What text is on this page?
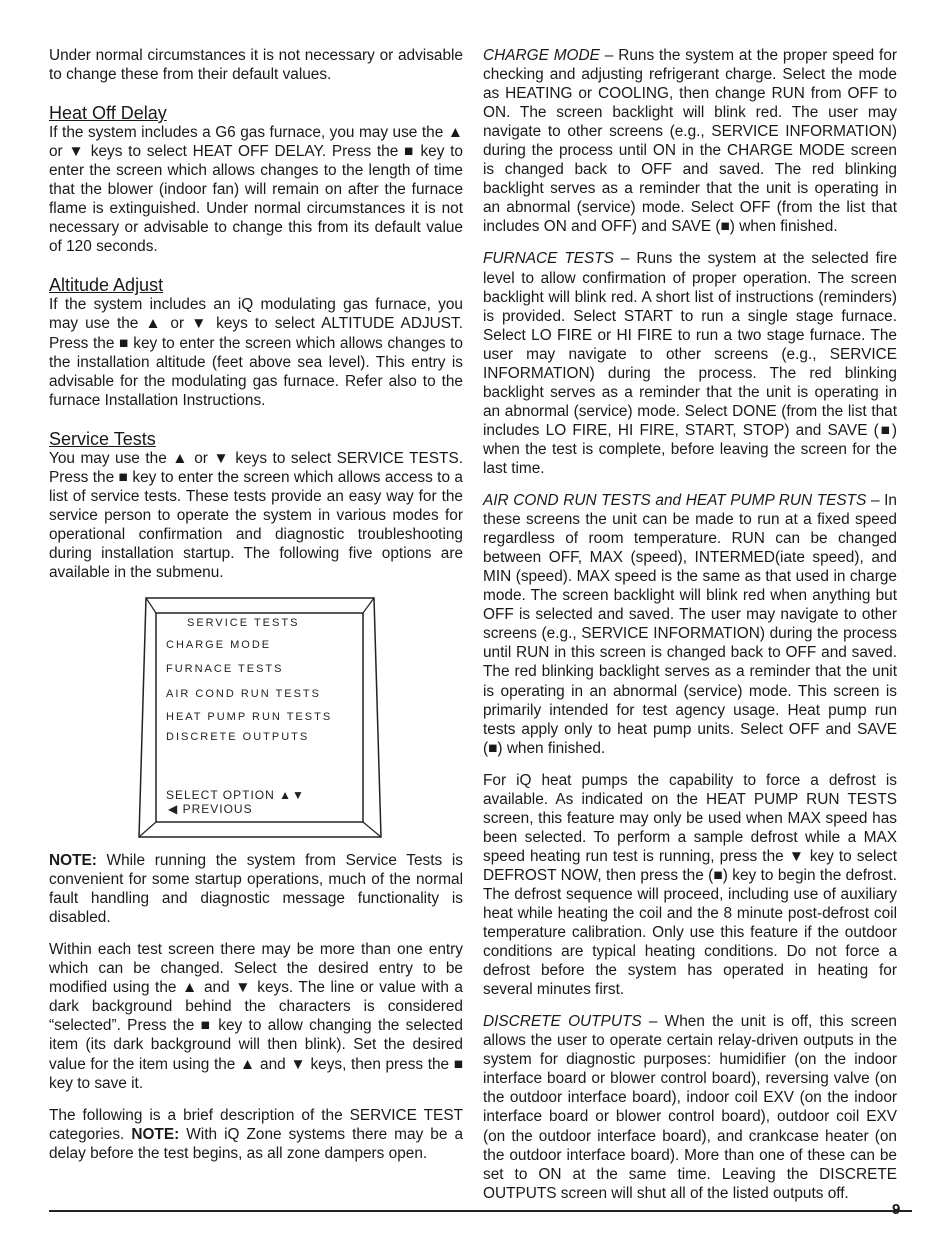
Under normal circumstances it is not necessary or advisable to change these from their default values.

Heat Off Delay

If the system includes a G6 gas furnace, you may use the ▲ or ▼ keys to select HEAT OFF DELAY. Press the ■ key to enter the screen which allows changes to the length of time that the blower (indoor fan) will remain on after the furnace flame is extinguished. Under normal circumstances it is not necessary or advisable to change this from its default value of 120 seconds.

Altitude Adjust

If the system includes an iQ modulating gas furnace, you may use the ▲ or ▼ keys to select ALTITUDE ADJUST. Press the ■ key to enter the screen which allows changes to the installation altitude (feet above sea level). This entry is advisable for the modulating gas furnace. Refer also to the furnace Installation Instructions.

Service Tests

You may use the ▲ or ▼ keys to select SERVICE TESTS. Press the ■ key to enter the screen which allows access to a list of service tests. These tests provide an easy way for the service person to operate the system in various modes for operational confirmation and diagnostic troubleshooting during installation startup. The following five options are available in the submenu.

SERVICE TESTS
CHARGE MODE
FURNACE TESTS
AIR COND RUN TESTS
HEAT PUMP RUN TESTS
DISCRETE OUTPUTS
SELECT OPTION ▲▼
◀ PREVIOUS

NOTE: While running the system from Service Tests is convenient for some startup operations, much of the normal fault handling and diagnostic message functionality is disabled.

Within each test screen there may be more than one entry which can be changed. Select the desired entry to be modified using the ▲ and ▼ keys. The line or value with a dark background behind the characters is considered “selected”. Press the ■ key to allow changing the selected item (its dark background will then blink). Set the desired value for the item using the ▲ and ▼ keys, then press the ■ key to save it.

The following is a brief description of the SERVICE TEST categories. NOTE: With iQ Zone systems there may be a delay before the test begins, as all zone dampers open.

CHARGE MODE – Runs the system at the proper speed for checking and adjusting refrigerant charge. Select the mode as HEATING or COOLING, then change RUN from OFF to ON. The screen backlight will blink red. The user may navigate to other screens (e.g., SERVICE INFORMATION) during the process until ON in the CHARGE MODE screen is changed back to OFF and saved. The red blinking backlight serves as a reminder that the unit is operating in an abnormal (service) mode. Select OFF (from the list that includes ON and OFF) and SAVE (■) when finished.

FURNACE TESTS – Runs the system at the selected fire level to allow confirmation of proper operation. The screen backlight will blink red. A short list of instructions (reminders) is provided. Select START to run a single stage furnace. Select LO FIRE or HI FIRE to run a two stage furnace. The user may navigate to other screens (e.g., SERVICE INFORMATION) during the process. The red blinking backlight serves as a reminder that the unit is operating in an abnormal (service) mode. Select DONE (from the list that includes LO FIRE, HI FIRE, START, STOP) and SAVE (■) when the test is complete, before leaving the screen for the last time.

AIR COND RUN TESTS and HEAT PUMP RUN TESTS – In these screens the unit can be made to run at a fixed speed regardless of room temperature. RUN can be changed between OFF, MAX (speed), INTERMED(iate speed), and MIN (speed). MAX speed is the same as that used in charge mode. The screen backlight will blink red when anything but OFF is selected and saved. The user may navigate to other screens (e.g., SERVICE INFORMATION) during the process until RUN in this screen is changed back to OFF and saved. The red blinking backlight serves as a reminder that the unit is operating in an abnormal (service) mode. This screen is primarily intended for test agency usage. Heat pump run tests apply only to heat pump units. Select OFF and SAVE (■) when finished.

For iQ heat pumps the capability to force a defrost is available. As indicated on the HEAT PUMP RUN TESTS screen, this feature may only be used when MAX speed has been selected. To perform a sample defrost while a MAX speed heating run test is running, press the ▼ key to select DEFROST NOW, then press the (■) key to begin the defrost. The defrost sequence will proceed, including use of auxiliary heat while heating the coil and the 8 minute post-defrost coil temperature calibration. Only use this feature if the outdoor conditions are typical heating conditions. Do not force a defrost before the system has operated in heating for several minutes first.

DISCRETE OUTPUTS – When the unit is off, this screen allows the user to operate certain relay-driven outputs in the system for diagnostic purposes: humidifier (on the indoor interface board or blower control board), reversing valve (on the outdoor interface board), indoor coil EXV (on the indoor interface board or blower control board), outdoor coil EXV (on the outdoor interface board), and crankcase heater (on the outdoor interface board). More than one of these can be set to ON at the same time. Leaving the DISCRETE OUTPUTS screen will shut all of the listed outputs off.

9
